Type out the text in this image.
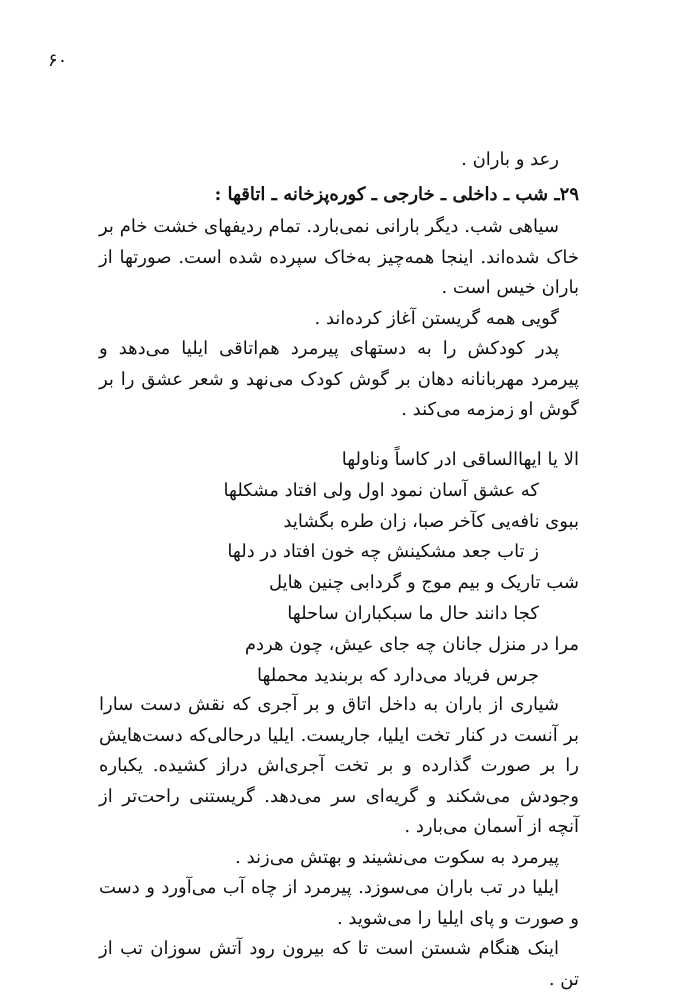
۶۰

رعد و باران .

۲۹ـ شب ـ داخلی ـ خارجی ـ کوره‌پزخانه ـ اتاقها :

سیاهی شب. دیگر بارانی نمی‌بارد. تمام ردیفهای خشت خام بر خاک شده‌اند. اینجا همه‌چیز به‌خاک سپرده شده است. صورتها از باران خیس است .

گویی همه گریستن آغاز کرده‌اند .

پدر کودکش را به دستهای پیرمرد هم‌اتاقی ایلیا می‌دهد و پیرمرد مهربانانه دهان بر گوش کودک می‌نهد و شعر عشق را بر گوش او زمزمه می‌کند .

الا یا ایها‌الساقی ادر کاساً وناولها
که عشق آسان نمود اول ولی افتاد مشکلها
ببوی نافه‌یی کآخر صبا، زان طره بگشاید
ز تاب جعد مشکینش چه خون افتاد در دلها
شب تاریک و بیم موج و گردابی چنین هایل
کجا دانند حال ما سبکباران ساحلها
مرا در منزل جانان چه جای عیش، چون هردم
جرس فریاد می‌دارد که بربندید محملها

شیاری از باران به داخل اتاق و بر آجری که نقش دست سارا بر آنست در کنار تخت ایلیا، جاریست. ایلیا درحالی‌که دست‌هایش را بر صورت گذارده و بر تخت آجری‌اش دراز کشیده. یکباره وجودش می‌شکند و گریه‌ای سر می‌دهد. گریستنی راحت‌تر از آنچه از آسمان می‌بارد .

پیرمرد به سکوت می‌نشیند و بهتش می‌زند .

ایلیا در تب باران می‌سوزد. پیرمرد از چاه آب می‌آورد و دست و صورت و پای ایلیا را می‌شوید .

اینک هنگام شستن است تا که بیرون رود آتش سوزان تب از تن .
